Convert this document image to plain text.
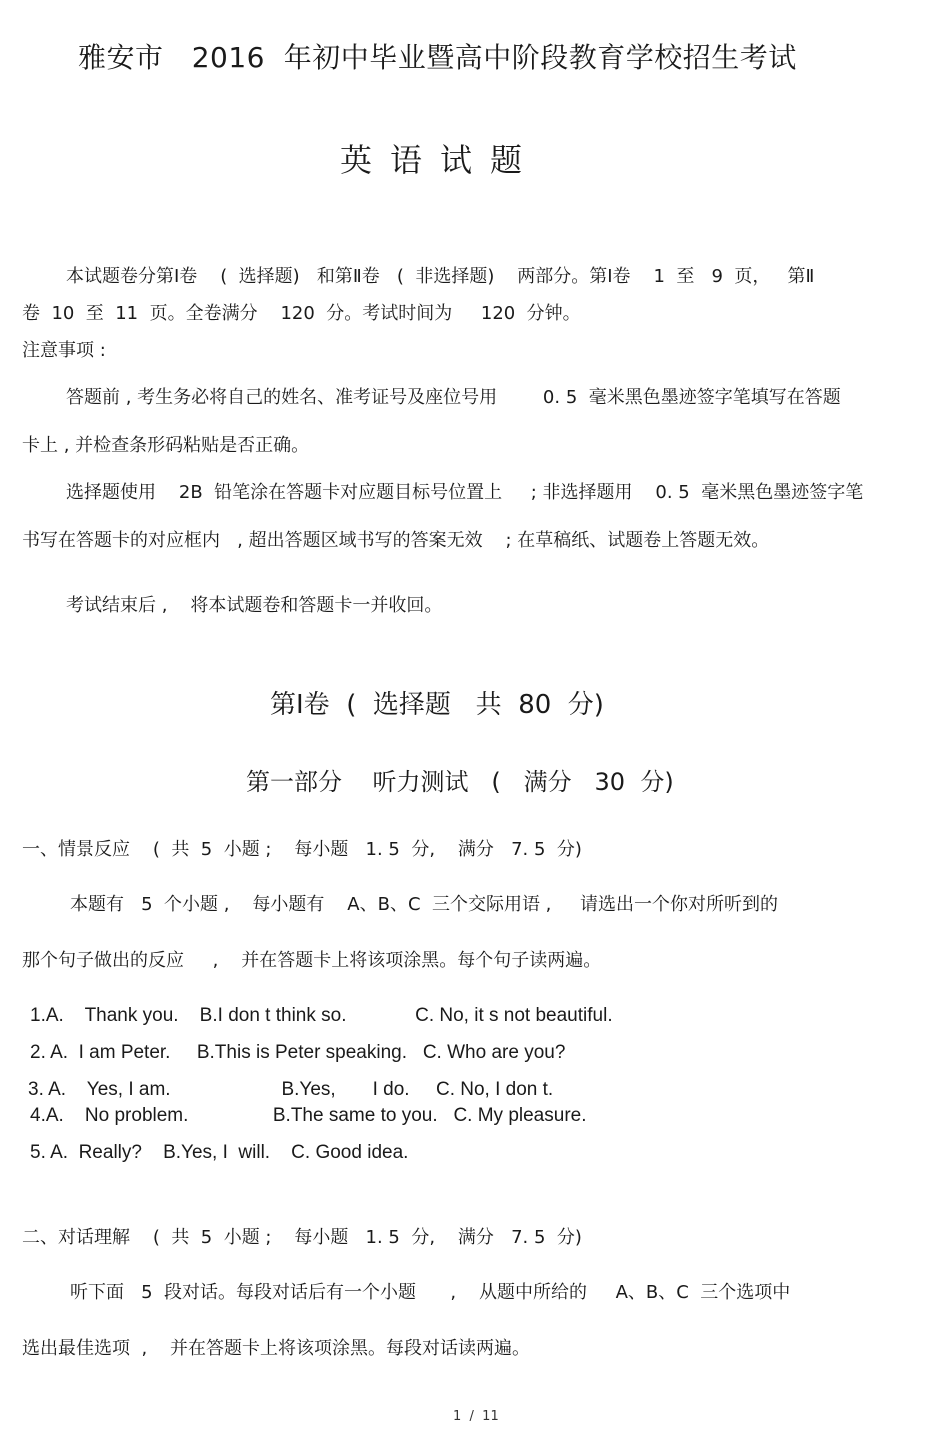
雅安市   2016  年初中毕业暨高中阶段教育学校招生考试
英语试题
本试题卷分第Ⅰ卷    (  选择题)   和第Ⅱ卷   (  非选择题)    两部分。第Ⅰ卷    1  至   9  页，   第Ⅱ
卷  10  至  11  页。全卷满分    120  分。考试时间为     120  分钟。
注意事项 :
答题前 , 考生务必将自己的姓名、准考证号及座位号用        0. 5  毫米黑色墨迹签字笔填写在答题
卡上 , 并检查条形码粘贴是否正确。
选择题使用    2B  铅笔涂在答题卡对应题目标号位置上     ; 非选择题用    0. 5  毫米黑色墨迹签字笔
书写在答题卡的对应框内   , 超出答题区域书写的答案无效    ; 在草稿纸、试题卷上答题无效。
考试结束后 ,    将本试题卷和答题卡一并收回。
第Ⅰ卷  (  选择题   共  80  分)
第一部分    听力测试   (   满分   30  分)
一、情景反应    (  共  5  小题 ;    每小题   1. 5  分,    满分   7. 5  分)
本题有   5  个小题 ,    每小题有    A、B、C  三个交际用语 ,     请选出一个你对所听到的
那个句子做出的反应     ,    并在答题卡上将该项涂黑。每个句子读两遍。
1.A.    Thank you.    B.I don t think so.             C. No, it s not beautiful.
2. A.  I am Peter.     B.This is Peter speaking.   C. Who are you?
3. A.    Yes, I am.                     B.Yes,       I do.     C. No, I don t.
4.A.    No problem.                B.The same to you.   C. My pleasure.
5. A.  Really?    B.Yes, I  will.    C. Good idea.
二、对话理解    (  共  5  小题 ;    每小题   1. 5  分,    满分   7. 5  分)
听下面   5  段对话。每段对话后有一个小题      ,    从题中所给的     A、B、C  三个选项中
选出最佳选项  ,    并在答题卡上将该项涂黑。每段对话读两遍。
1  /  11
